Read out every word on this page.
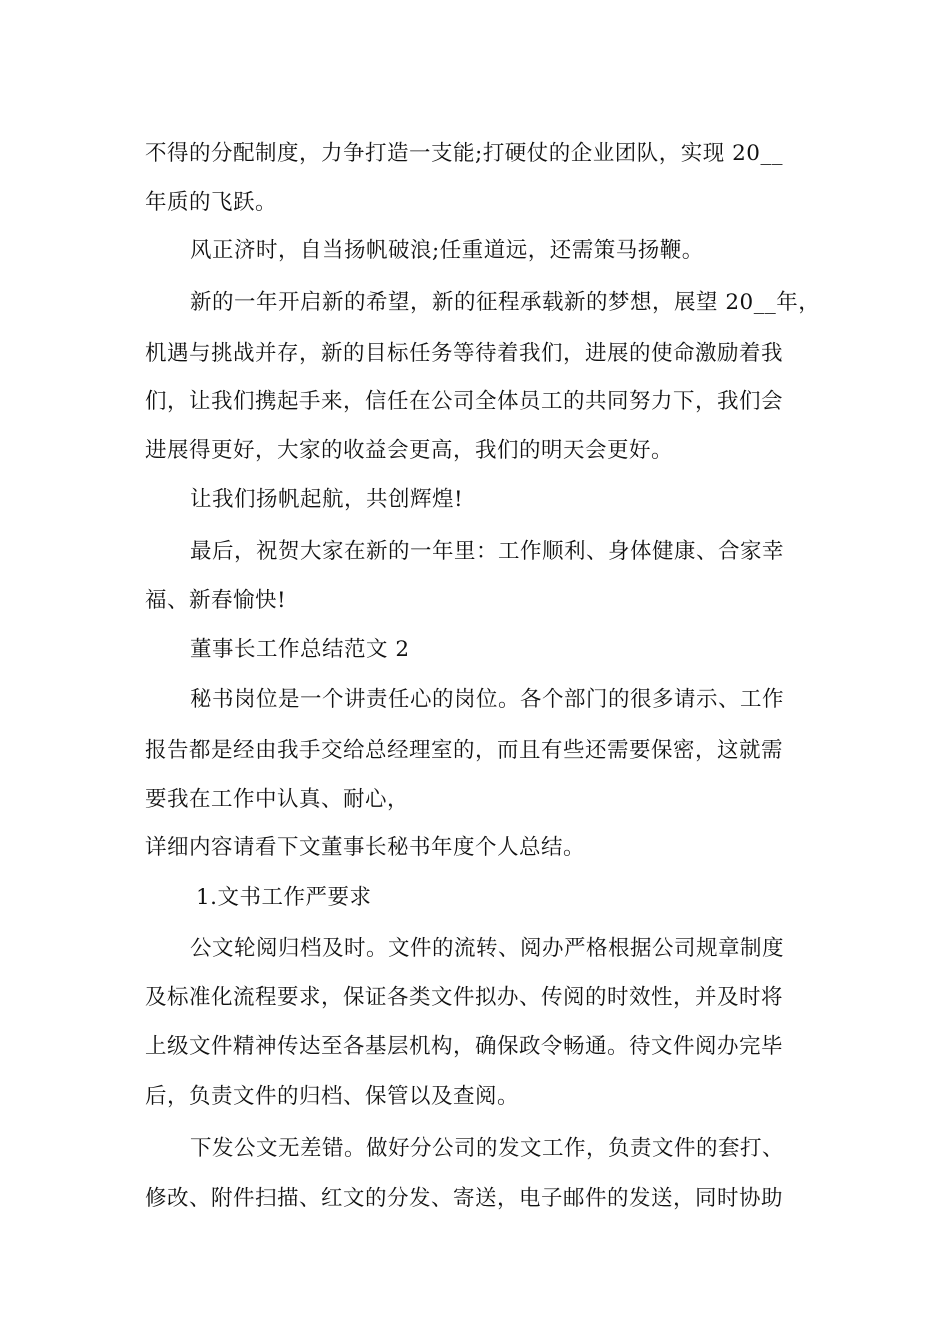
不得的分配制度，力争打造一支能;打硬仗的企业团队，实现 20__
年质的飞跃。
风正济时，自当扬帆破浪;任重道远，还需策马扬鞭。
新的一年开启新的希望，新的征程承载新的梦想，展望 20__年，
机遇与挑战并存，新的目标任务等待着我们，进展的使命激励着我
们，让我们携起手来，信任在公司全体员工的共同努力下，我们会
进展得更好，大家的收益会更高，我们的明天会更好。
让我们扬帆起航，共创辉煌!
最后，祝贺大家在新的一年里：工作顺利、身体健康、合家幸
福、新春愉快!
董事长工作总结范文 2
秘书岗位是一个讲责任心的岗位。各个部门的很多请示、工作
报告都是经由我手交给总经理室的，而且有些还需要保密，这就需
要我在工作中认真、耐心，
详细内容请看下文董事长秘书年度个人总结。
1.文书工作严要求
公文轮阅归档及时。文件的流转、阅办严格根据公司规章制度
及标准化流程要求，保证各类文件拟办、传阅的时效性，并及时将
上级文件精神传达至各基层机构，确保政令畅通。待文件阅办完毕
后，负责文件的归档、保管以及查阅。
下发公文无差错。做好分公司的发文工作，负责文件的套打、
修改、附件扫描、红文的分发、寄送，电子邮件的发送，同时协助
